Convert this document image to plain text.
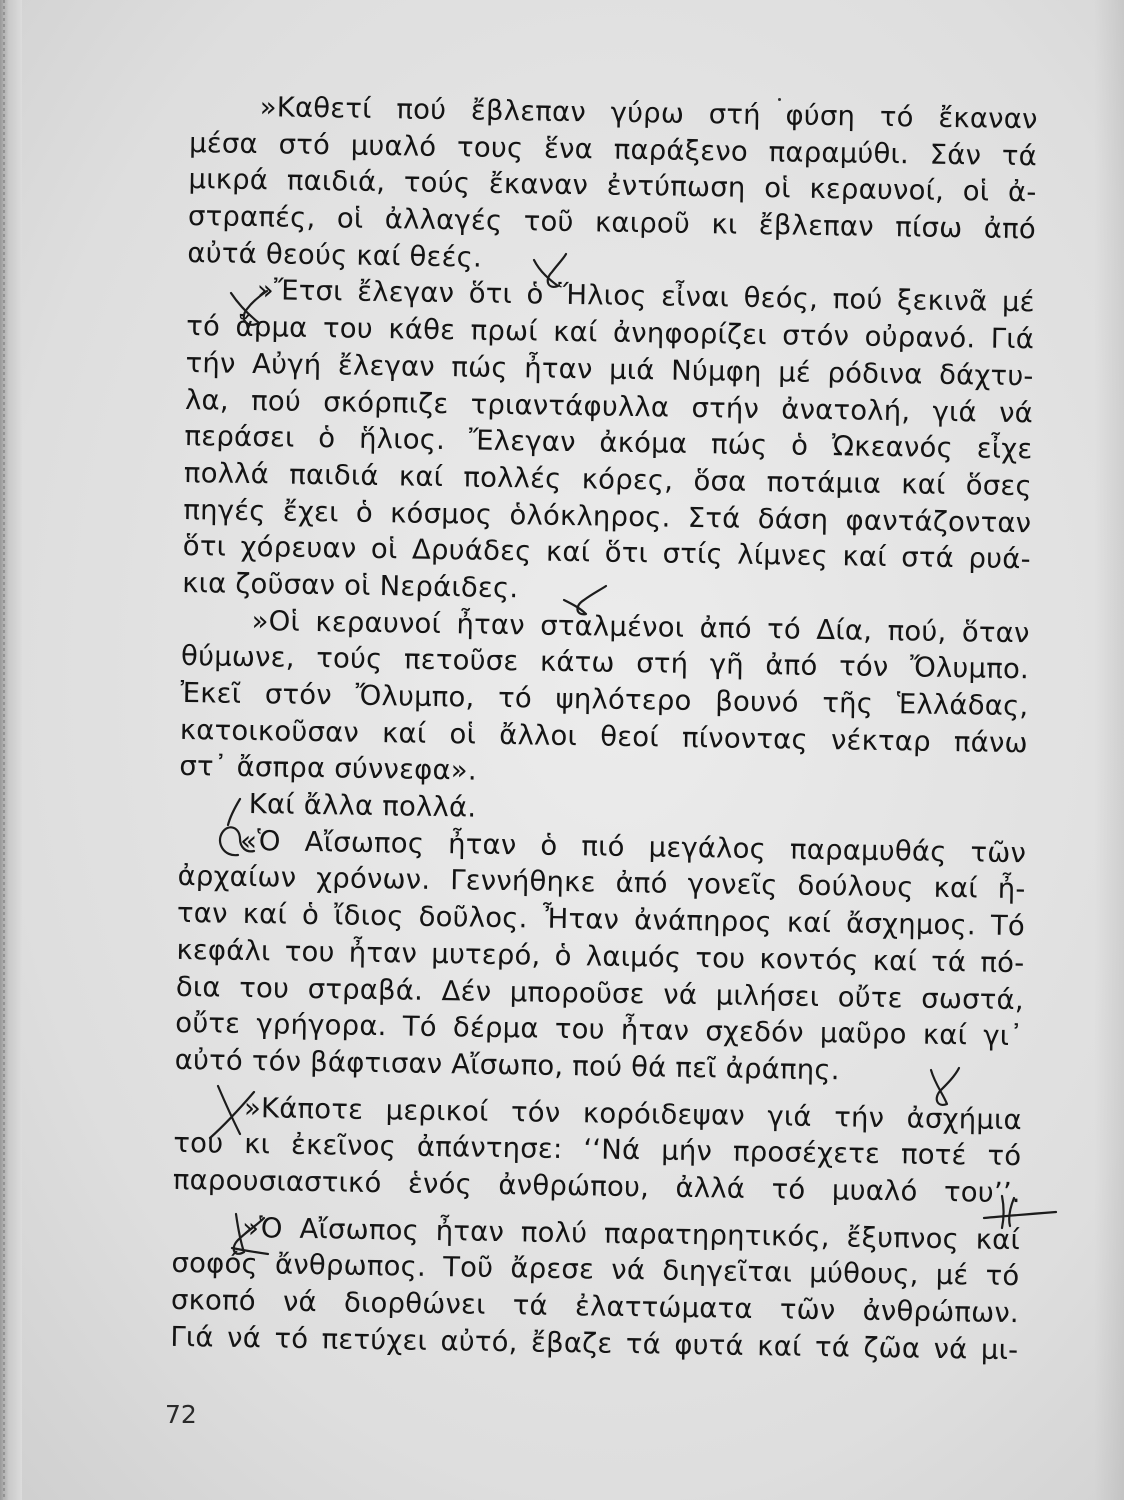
»Καθετί πού ἔβλεπαν γύρω στή φύση τό ἔκαναν
μέσα στό μυαλό τους ἕνα παράξενο παραμύθι. Σάν τά
μικρά παιδιά, τούς ἔκαναν ἐντύπωση οἱ κεραυνοί, οἱ ἀ-
στραπές, οἱ ἀλλαγές τοῦ καιροῦ κι ἔβλεπαν πίσω ἀπό
αὐτά θεούς καί θεές.
»Ἔτσι ἔλεγαν ὅτι ὁ Ἥλιος εἶναι θεός, πού ξεκινᾶ μέ
τό ἅρμα του κάθε πρωί καί ἀνηφορίζει στόν οὐρανό. Γιά
τήν Αὐγή ἔλεγαν πώς ἦταν μιά Νύμφη μέ ρόδινα δάχτυ-
λα, πού σκόρπιζε τριαντάφυλλα στήν ἀνατολή, γιά νά
περάσει ὁ ἥλιος. Ἔλεγαν ἀκόμα πώς ὁ Ὠκεανός εἶχε
πολλά παιδιά καί πολλές κόρες, ὅσα ποτάμια καί ὅσες
πηγές ἔχει ὁ κόσμος ὁλόκληρος. Στά δάση φαντάζονταν
ὅτι χόρευαν οἱ Δρυάδες καί ὅτι στίς λίμνες καί στά ρυά-
κια ζοῦσαν οἱ Νεράιδες.
»Οἱ κεραυνοί ἦταν σταλμένοι ἀπό τό Δία, πού, ὅταν
θύμωνε, τούς πετοῦσε κάτω στή γῆ ἀπό τόν Ὄλυμπο.
Ἐκεῖ στόν Ὄλυμπο, τό ψηλότερο βουνό τῆς Ἑλλάδας,
κατοικοῦσαν καί οἱ ἄλλοι θεοί πίνοντας νέκταρ πάνω
στ᾽ ἄσπρα σύννεφα».
Καί ἄλλα πολλά.
«Ὁ Αἴσωπος ἦταν ὁ πιό μεγάλος παραμυθάς τῶν
ἀρχαίων χρόνων. Γεννήθηκε ἀπό γονεῖς δούλους καί ἦ-
ταν καί ὁ ἴδιος δοῦλος. Ἦταν ἀνάπηρος καί ἄσχημος. Τό
κεφάλι του ἦταν μυτερό, ὁ λαιμός του κοντός καί τά πό-
δια του στραβά. Δέν μποροῦσε νά μιλήσει οὔτε σωστά,
οὔτε γρήγορα. Τό δέρμα του ἦταν σχεδόν μαῦρο καί γι᾽
αὐτό τόν βάφτισαν Αἴσωπο, πού θά πεῖ ἀράπης.
»Κάποτε μερικοί τόν κορόιδεψαν γιά τήν ἀσχήμια
του κι ἐκεῖνος ἀπάντησε: ‘‘Νά μήν προσέχετε ποτέ τό
παρουσιαστικό ἑνός ἀνθρώπου, ἀλλά τό μυαλό του’’.
»Ὁ Αἴσωπος ἦταν πολύ παρατηρητικός, ἔξυπνος καί
σοφός ἄνθρωπος. Τοῦ ἄρεσε νά διηγεῖται μύθους, μέ τό
σκοπό νά διορθώνει τά ἐλαττώματα τῶν ἀνθρώπων.
Γιά νά τό πετύχει αὐτό, ἔβαζε τά φυτά καί τά ζῶα νά μι-
72
